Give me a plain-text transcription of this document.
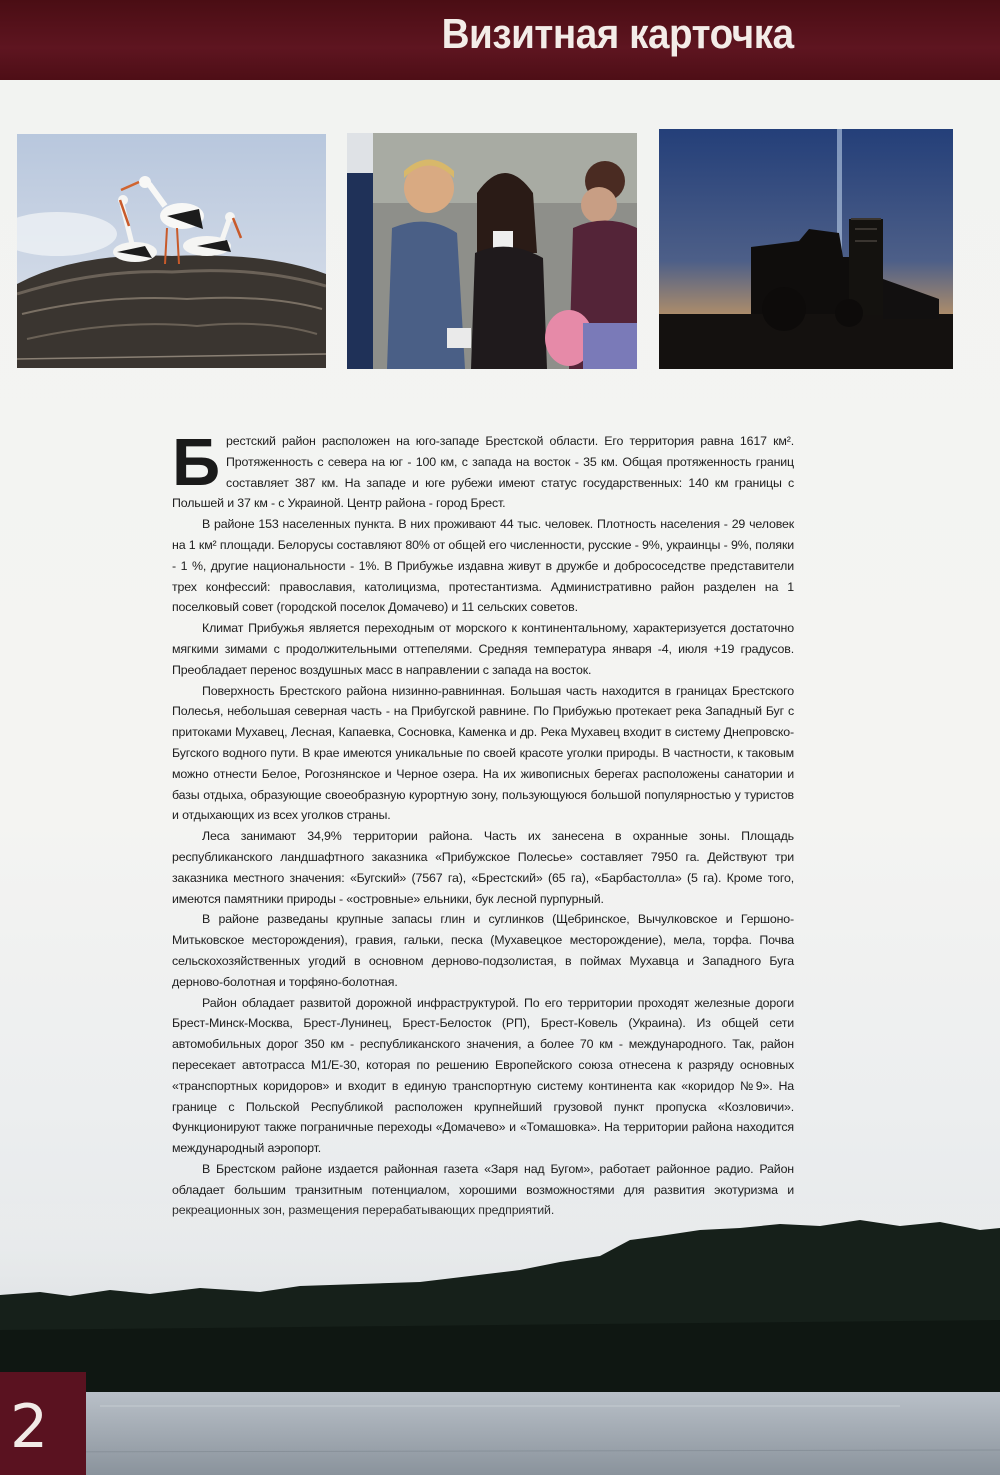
Визитная карточка

Брестский район расположен на юго-западе Брестской области. Его территория равна 1617 км². Протяженность с севера на юг - 100 км, с запада на восток - 35 км. Общая протяженность границ составляет 387 км. На западе и юге рубежи имеют статус государственных: 140 км границы с Польшей и 37 км - с Украиной. Центр района - город Брест.

В районе 153 населенных пункта. В них проживают 44 тыс. человек. Плотность населения - 29 человек на 1 км² площади. Белорусы составляют 80% от общей его численности, русские - 9%, украинцы - 9%, поляки - 1 %, другие национальности - 1%. В Прибужье издавна живут в дружбе и добрососедстве представители трех конфессий: православия, католицизма, протестантизма. Административно район разделен на 1 поселковый совет (городской поселок Домачево) и 11 сельских советов.

Климат Прибужья является переходным от морского к континентальному, характеризуется достаточно мягкими зимами с продолжительными оттепелями. Средняя температура января -4, июля +19 градусов. Преобладает перенос воздушных масс в направлении с запада на восток.

Поверхность Брестского района низинно-равнинная. Большая часть находится в границах Брестского Полесья, небольшая северная часть - на Прибугской равнине. По Прибужью протекает река Западный Буг с притоками Мухавец, Лесная, Капаевка, Сосновка, Каменка и др. Река Мухавец входит в систему Днепровско-Бугского водного пути. В крае имеются уникальные по своей красоте уголки природы. В частности, к таковым можно отнести Белое, Рогознянское и Черное озера. На их живописных берегах расположены санатории и базы отдыха, образующие своеобразную курортную зону, пользующуюся большой популярностью у туристов и отдыхающих из всех уголков страны.

Леса занимают 34,9% территории района. Часть их занесена в охранные зоны. Площадь республиканского ландшафтного заказника «Прибужское Полесье» составляет 7950 га. Действуют три заказника местного значения: «Бугский» (7567 га), «Брестский» (65 га), «Барбастолла» (5 га). Кроме того, имеются памятники природы - «островные» ельники, бук лесной пурпурный.

В районе разведаны крупные запасы глин и суглинков (Щебринское, Вычулковское и Гершоно-Митьковское месторождения), гравия, гальки, песка (Мухавецкое месторождение), мела, торфа. Почва сельскохозяйственных угодий в основном дерново-подзолистая, в поймах Мухавца и Западного Буга дерново-болотная и торфяно-болотная.

Район обладает развитой дорожной инфраструктурой. По его территории проходят железные дороги Брест-Минск-Москва, Брест-Лунинец, Брест-Белосток (РП), Брест-Ковель (Украина). Из общей сети автомобильных дорог 350 км - республиканского значения, а более 70 км - международного. Так, район пересекает автотрасса М1/Е-30, которая по решению Европейского союза отнесена к разряду основных «транспортных коридоров» и входит в единую транспортную систему континента как «коридор №9». На границе с Польской Республикой расположен крупнейший грузовой пункт пропуска «Козловичи». Функционируют также пограничные переходы «Домачево» и «Томашовка». На территории района находится международный аэропорт.

В Брестском районе издается районная газета «Заря над Бугом», работает районное радио. Район обладает большим транзитным потенциалом, хорошими возможностями для развития экотуризма и

2
